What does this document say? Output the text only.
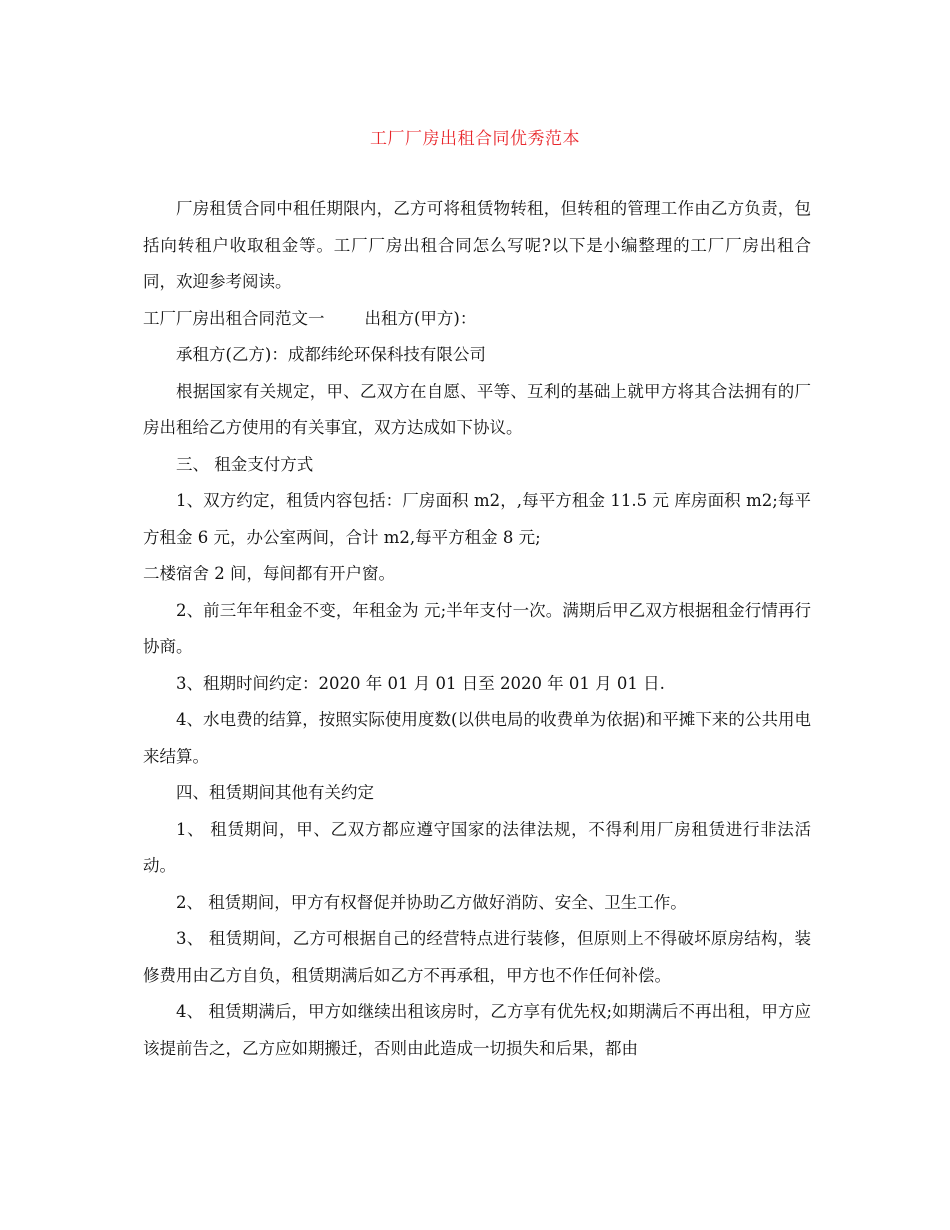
工厂厂房出租合同优秀范本

厂房租赁合同中租任期限内，乙方可将租赁物转租，但转租的管理工作由乙方负责，包括向转租户收取租金等。工厂厂房出租合同怎么写呢?以下是小编整理的工厂厂房出租合同，欢迎参考阅读。

工厂厂房出租合同范文一 出租方(甲方)：

承租方(乙方)：成都纬纶环保科技有限公司

根据国家有关规定，甲、乙双方在自愿、平等、互利的基础上就甲方将其合法拥有的厂房出租给乙方使用的有关事宜，双方达成如下协议。

三、 租金支付方式

1、双方约定，租赁内容包括：厂房面积 m2，,每平方租金 11.5 元 库房面积 m2;每平方租金 6 元，办公室两间，合计 m2,每平方租金 8 元;

二楼宿舍 2 间，每间都有开户窗。

2、前三年年租金不变，年租金为 元;半年支付一次。满期后甲乙双方根据租金行情再行协商。

3、租期时间约定：2020 年 01 月 01 日至 2020 年 01 月 01 日.

4、水电费的结算，按照实际使用度数(以供电局的收费单为依据)和平摊下来的公共用电来结算。

四、租赁期间其他有关约定

1、 租赁期间，甲、乙双方都应遵守国家的法律法规，不得利用厂房租赁进行非法活动。

2、 租赁期间，甲方有权督促并协助乙方做好消防、安全、卫生工作。

3、 租赁期间，乙方可根据自己的经营特点进行装修，但原则上不得破坏原房结构，装修费用由乙方自负，租赁期满后如乙方不再承租，甲方也不作任何补偿。

4、 租赁期满后，甲方如继续出租该房时，乙方享有优先权;如期满后不再出租，甲方应该提前告之，乙方应如期搬迁，否则由此造成一切损失和后果，都由
